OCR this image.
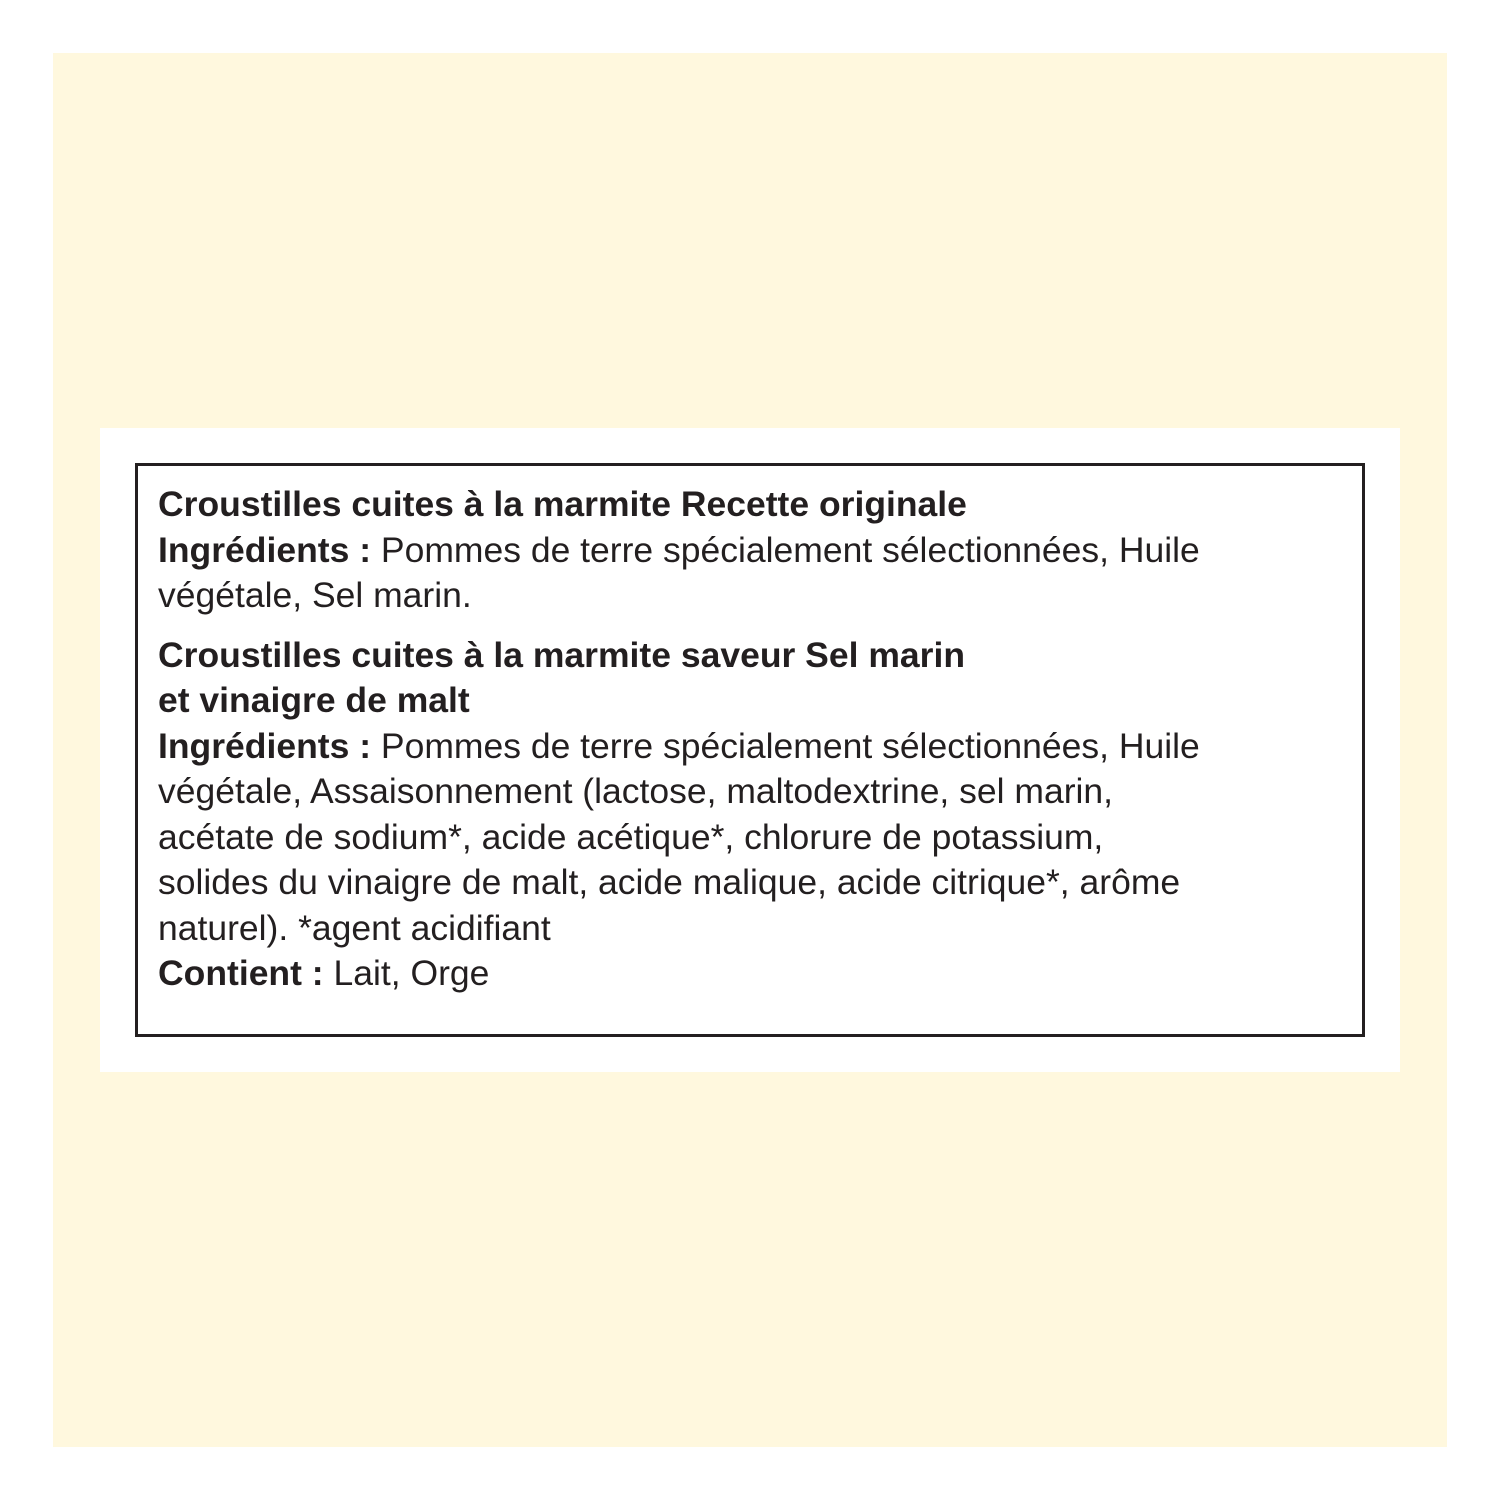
Croustilles cuites à la marmite Recette originale

Ingrédients : Pommes de terre spécialement sélectionnées, Huile
végétale, Sel marin.

Croustilles cuites à la marmite saveur Sel marin
et vinaigre de malt

Ingrédients : Pommes de terre spécialement sélectionnées, Huile
végétale, Assaisonnement (lactose, maltodextrine, sel marin,
acétate de sodium*, acide acétique*, chlorure de potassium,
solides du vinaigre de malt, acide malique, acide citrique*, arôme
naturel). *agent acidifiant

Contient : Lait, Orge
